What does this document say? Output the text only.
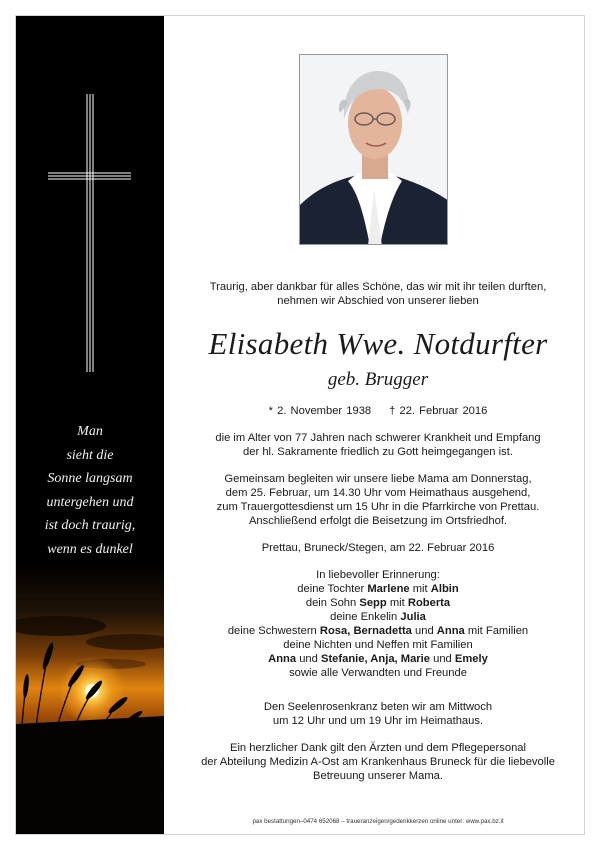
Man
sieht die
Sonne langsam
untergehen und
ist doch traurig,
wenn es dunkel
Traurig, aber dankbar für alles Schöne, das wir mit ihr teilen durften,
nehmen wir Abschied von unserer lieben
Elisabeth Wwe. Notdurfter
geb. Brugger
* 2. November 1938 † 22. Februar 2016
die im Alter von 77 Jahren nach schwerer Krankheit und Empfang
der hl. Sakramente friedlich zu Gott heimgegangen ist.
Gemeinsam begleiten wir unsere liebe Mama am Donnerstag,
dem 25. Februar, um 14.30 Uhr vom Heimathaus ausgehend,
zum Trauergottesdienst um 15 Uhr in die Pfarrkirche von Prettau.
Anschließend erfolgt die Beisetzung im Ortsfriedhof.
Prettau, Bruneck/Stegen, am 22. Februar 2016
In liebevoller Erinnerung:
deine Tochter Marlene mit Albin
dein Sohn Sepp mit Roberta
deine Enkelin Julia
deine Schwestern Rosa, Bernadetta und Anna mit Familien
deine Nichten und Neffen mit Familien
Anna und Stefanie, Anja, Marie und Emely
sowie alle Verwandten und Freunde
Den Seelenrosenkranz beten wir am Mittwoch
um 12 Uhr und um 19 Uhr im Heimathaus.
Ein herzlicher Dank gilt den Ärzten und dem Pflegepersonal
der Abteilung Medizin A-Ost am Krankenhaus Bruneck für die liebevolle
Betreuung unserer Mama.
pax bestattungen–0474 652068 – traueranzeigen/gedenkkerzen online unter: www.pax.bz.it
